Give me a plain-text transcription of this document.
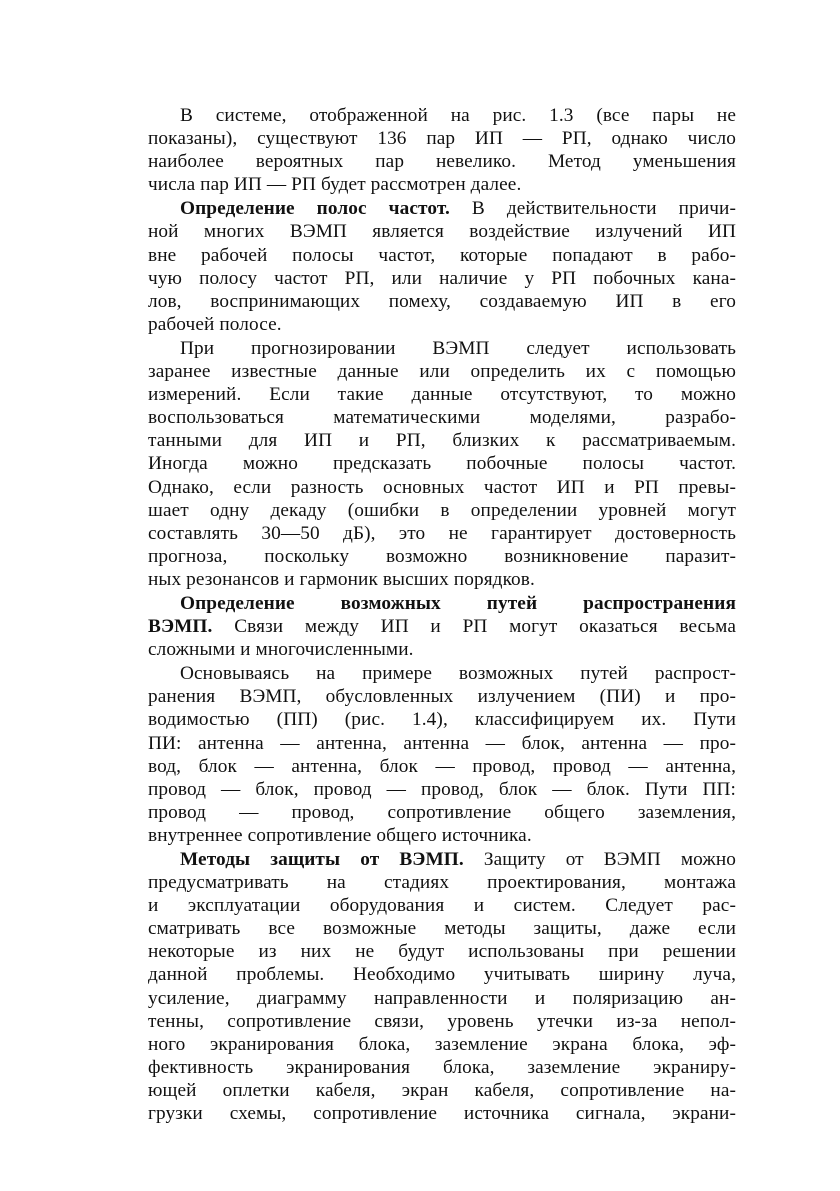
В системе, отображенной на рис. 1.3 (все пары не
показаны), существуют 136 пар ИП — РП, однако число
наиболее вероятных пар невелико. Метод уменьшения
числа пар ИП — РП будет рассмотрен далее.
Определение полос частот. В действительности причи-
ной многих ВЭМП является воздействие излучений ИП
вне рабочей полосы частот, которые попадают в рабо-
чую полосу частот РП, или наличие у РП побочных кана-
лов, воспринимающих помеху, создаваемую ИП в его
рабочей полосе.
При прогнозировании ВЭМП следует использовать
заранее известные данные или определить их с помощью
измерений. Если такие данные отсутствуют, то можно
воспользоваться математическими моделями, разрабо-
танными для ИП и РП, близких к рассматриваемым.
Иногда можно предсказать побочные полосы частот.
Однако, если разность основных частот ИП и РП превы-
шает одну декаду (ошибки в определении уровней могут
составлять 30—50 дБ), это не гарантирует достоверность
прогноза, поскольку возможно возникновение паразит-
ных резонансов и гармоник высших порядков.
Определение возможных путей распространения
ВЭМП. Связи между ИП и РП могут оказаться весьма
сложными и многочисленными.
Основываясь на примере возможных путей распрост-
ранения ВЭМП, обусловленных излучением (ПИ) и про-
водимостью (ПП) (рис. 1.4), классифицируем их. Пути
ПИ: антенна — антенна, антенна — блок, антенна — про-
вод, блок — антенна, блок — провод, провод — антенна,
провод — блок, провод — провод, блок — блок. Пути ПП:
провод — провод, сопротивление общего заземления,
внутреннее сопротивление общего источника.
Методы защиты от ВЭМП. Защиту от ВЭМП можно
предусматривать на стадиях проектирования, монтажа
и эксплуатации оборудования и систем. Следует рас-
сматривать все возможные методы защиты, даже если
некоторые из них не будут использованы при решении
данной проблемы. Необходимо учитывать ширину луча,
усиление, диаграмму направленности и поляризацию ан-
тенны, сопротивление связи, уровень утечки из-за непол-
ного экранирования блока, заземление экрана блока, эф-
фективность экранирования блока, заземление экраниру-
ющей оплетки кабеля, экран кабеля, сопротивление на-
грузки схемы, сопротивление источника сигнала, экрани-
